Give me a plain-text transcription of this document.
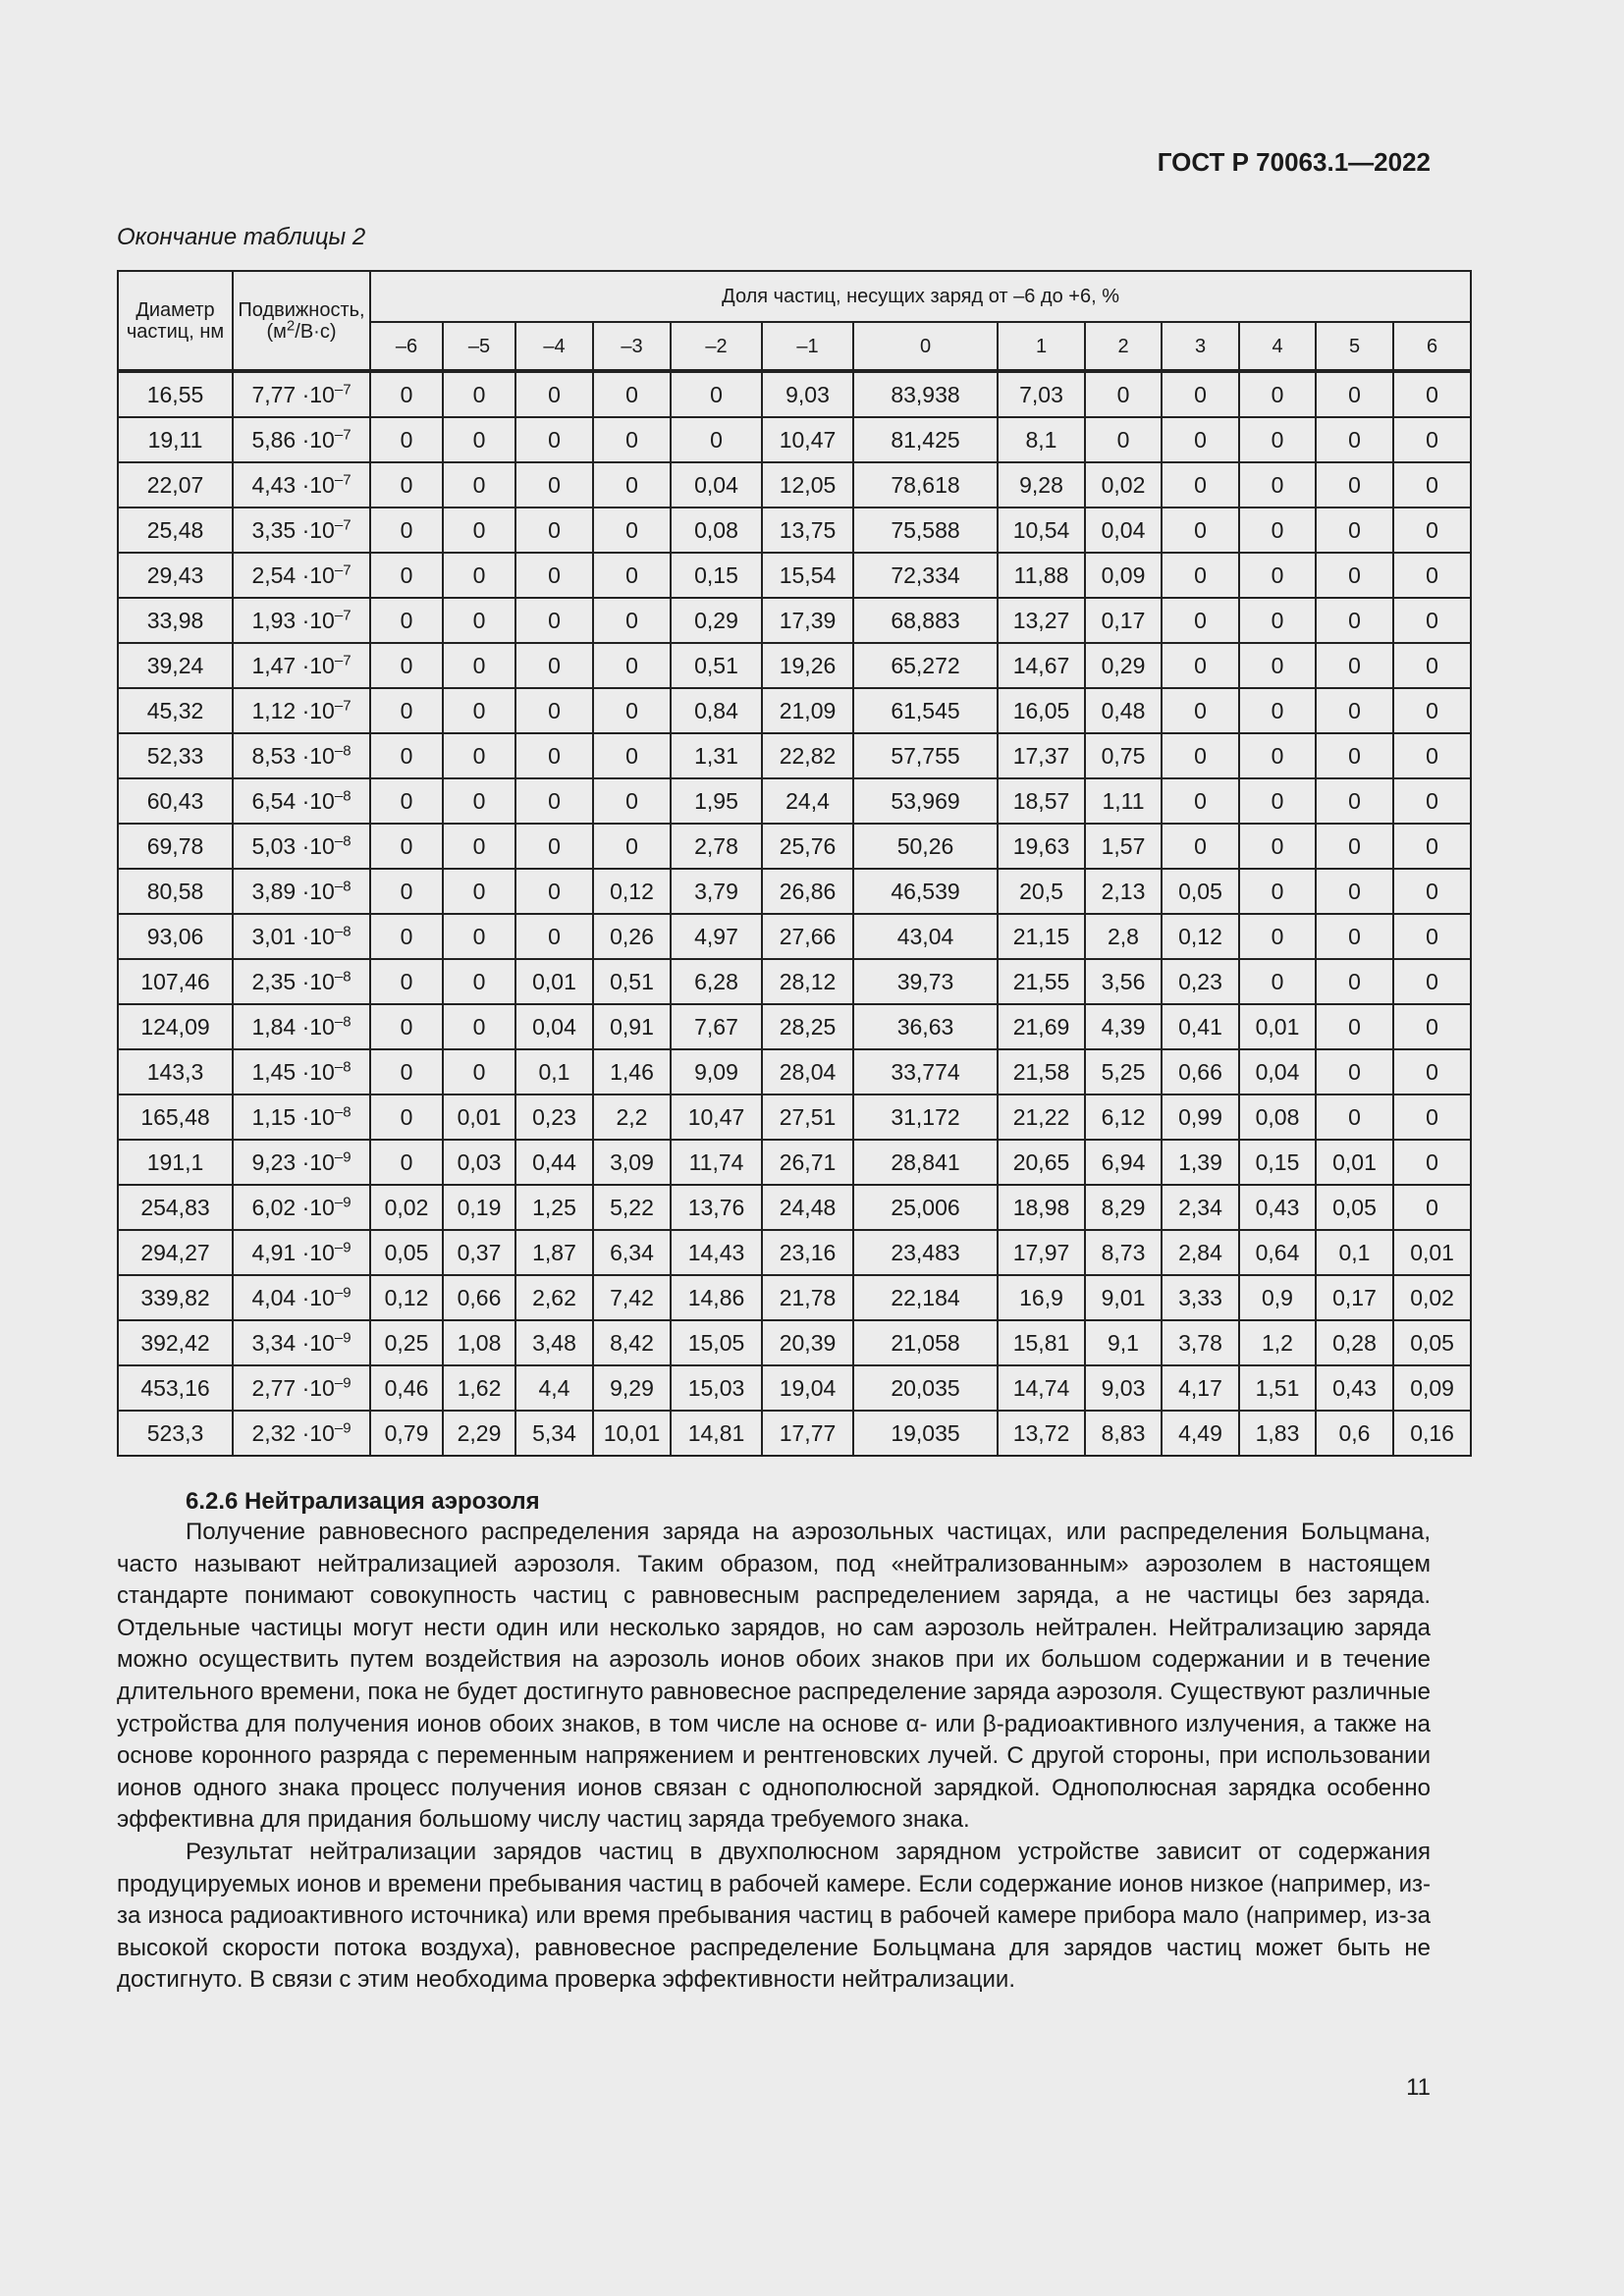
ГОСТ Р 70063.1—2022
Окончание таблицы 2
Диаметр частиц, нм	Подвижность,
$(м^2/В\cdot с)$	Доля частиц, несущих заряд от –6 до +6, %												
		–6	–5	–4	–3	–2	–1	0	1	2	3	4	5	6
16,55	$7,77 \cdot 10^{-7}$	0	0	0	0	0	9,03	83,938	7,03	0	0	0	0	0
19,11	$5,86 \cdot 10^{-7}$	0	0	0	0	0	10,47	81,425	8,1	0	0	0	0	0
22,07	$4,43 \cdot 10^{-7}$	0	0	0	0	0,04	12,05	78,618	9,28	0,02	0	0	0	0
25,48	$3,35 \cdot 10^{-7}$	0	0	0	0	0,08	13,75	75,588	10,54	0,04	0	0	0	0
29,43	$2,54 \cdot 10^{-7}$	0	0	0	0	0,15	15,54	72,334	11,88	0,09	0	0	0	0
33,98	$1,93 \cdot 10^{-7}$	0	0	0	0	0,29	17,39	68,883	13,27	0,17	0	0	0	0
39,24	$1,47 \cdot 10^{-7}$	0	0	0	0	0,51	19,26	65,272	14,67	0,29	0	0	0	0
45,32	$1,12 \cdot 10^{-7}$	0	0	0	0	0,84	21,09	61,545	16,05	0,48	0	0	0	0
52,33	$8,53 \cdot 10^{-8}$	0	0	0	0	1,31	22,82	57,755	17,37	0,75	0	0	0	0
60,43	$6,54 \cdot 10^{-8}$	0	0	0	0	1,95	24,4	53,969	18,57	1,11	0	0	0	0
69,78	$5,03 \cdot 10^{-8}$	0	0	0	0	2,78	25,76	50,26	19,63	1,57	0	0	0	0
80,58	$3,89 \cdot 10^{-8}$	0	0	0	0,12	3,79	26,86	46,539	20,5	2,13	0,05	0	0	0
93,06	$3,01 \cdot 10^{-8}$	0	0	0	0,26	4,97	27,66	43,04	21,15	2,8	0,12	0	0	0
107,46	$2,35 \cdot 10^{-8}$	0	0	0,01	0,51	6,28	28,12	39,73	21,55	3,56	0,23	0	0	0
124,09	$1,84 \cdot 10^{-8}$	0	0	0,04	0,91	7,67	28,25	36,63	21,69	4,39	0,41	0,01	0	0
143,3	$1,45 \cdot 10^{-8}$	0	0	0,1	1,46	9,09	28,04	33,774	21,58	5,25	0,66	0,04	0	0
165,48	$1,15 \cdot 10^{-8}$	0	0,01	0,23	2,2	10,47	27,51	31,172	21,22	6,12	0,99	0,08	0	0
191,1	$9,23 \cdot 10^{-9}$	0	0,03	0,44	3,09	11,74	26,71	28,841	20,65	6,94	1,39	0,15	0,01	0
254,83	$6,02 \cdot 10^{-9}$	0,02	0,19	1,25	5,22	13,76	24,48	25,006	18,98	8,29	2,34	0,43	0,05	0
294,27	$4,91 \cdot 10^{-9}$	0,05	0,37	1,87	6,34	14,43	23,16	23,483	17,97	8,73	2,84	0,64	0,1	0,01
339,82	$4,04 \cdot 10^{-9}$	0,12	0,66	2,62	7,42	14,86	21,78	22,184	16,9	9,01	3,33	0,9	0,17	0,02
392,42	$3,34 \cdot 10^{-9}$	0,25	1,08	3,48	8,42	15,05	20,39	21,058	15,81	9,1	3,78	1,2	0,28	0,05
453,16	$2,77 \cdot 10^{-9}$	0,46	1,62	4,4	9,29	15,03	19,04	20,035	14,74	9,03	4,17	1,51	0,43	0,09
523,3	$2,32 \cdot 10^{-9}$	0,79	2,29	5,34	10,01	14,81	17,77	19,035	13,72	8,83	4,49	1,83	0,6	0,16
6.2.6 Нейтрализация аэрозоля

Получение равновесного распределения заряда на аэрозольных частицах, или распределения Больцмана, часто называют нейтрализацией аэрозоля. Таким образом, под «нейтрализованным» аэрозолем в настоящем стандарте понимают совокупность частиц с равновесным распределением заряда, а не частицы без заряда. Отдельные частицы могут нести один или несколько зарядов, но сам аэрозоль нейтрален. Нейтрализацию заряда можно осуществить путем воздействия на аэрозоль ионов обоих знаков при их большом содержании и в течение длительного времени, пока не будет достигнуто равновесное распределение заряда аэрозоля. Существуют различные устройства для получения ионов обоих знаков, в том числе на основе α- или β-радиоактивного излучения, а также на основе коронного разряда с переменным напряжением и рентгеновских лучей. С другой стороны, при использовании ионов одного знака процесс получения ионов связан с однополюсной зарядкой. Однополюсная зарядка особенно эффективна для придания большому числу частиц заряда требуемого знака.

Результат нейтрализации зарядов частиц в двухполюсном зарядном устройстве зависит от содержания продуцируемых ионов и времени пребывания частиц в рабочей камере. Если содержание ионов низкое (например, из-за износа радиоактивного источника) или время пребывания частиц в рабочей камере прибора мало (например, из-за высокой скорости потока воздуха), равновесное распределение Больцмана для зарядов частиц может быть не достигнуто. В связи с этим необходима проверка эффективности нейтрализации.

11
